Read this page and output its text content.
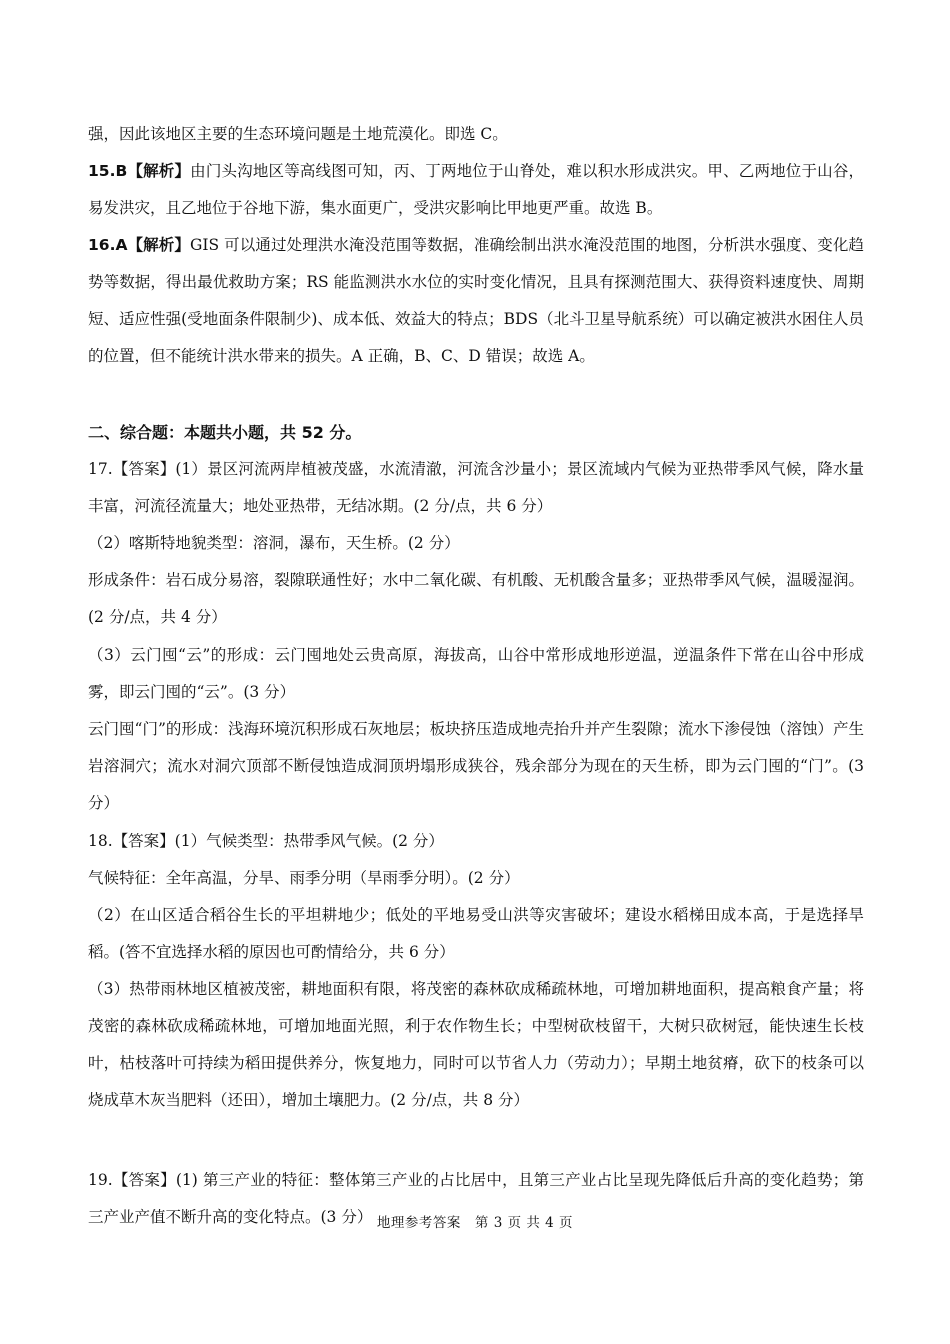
强，因此该地区主要的生态环境问题是土地荒漠化。即选 C。

15.B【解析】由门头沟地区等高线图可知，丙、丁两地位于山脊处，难以积水形成洪灾。甲、乙两地位于山谷，易发洪灾，且乙地位于谷地下游，集水面更广，受洪灾影响比甲地更严重。故选 B。

16.A【解析】GIS 可以通过处理洪水淹没范围等数据，准确绘制出洪水淹没范围的地图，分析洪水强度、变化趋势等数据，得出最优救助方案；RS 能监测洪水水位的实时变化情况，且具有探测范围大、获得资料速度快、周期短、适应性强(受地面条件限制少)、成本低、效益大的特点；BDS（北斗卫星导航系统）可以确定被洪水困住人员的位置，但不能统计洪水带来的损失。A 正确，B、C、D 错误；故选 A。

二、综合题：本题共小题，共 52 分。

17.【答案】(1）景区河流两岸植被茂盛，水流清澈，河流含沙量小；景区流域内气候为亚热带季风气候，降水量丰富，河流径流量大；地处亚热带，无结冰期。(2 分/点，共 6 分）

（2）喀斯特地貌类型：溶洞，瀑布，天生桥。(2 分）

形成条件：岩石成分易溶，裂隙联通性好；水中二氧化碳、有机酸、无机酸含量多；亚热带季风气候，温暖湿润。(2 分/点，共 4 分）

（3）云门囤“云”的形成：云门囤地处云贵高原，海拔高，山谷中常形成地形逆温，逆温条件下常在山谷中形成雾，即云门囤的“云”。(3 分）

云门囤“门”的形成：浅海环境沉积形成石灰地层；板块挤压造成地壳抬升并产生裂隙；流水下渗侵蚀（溶蚀）产生岩溶洞穴；流水对洞穴顶部不断侵蚀造成洞顶坍塌形成狭谷，残余部分为现在的天生桥，即为云门囤的“门”。(3 分）

18.【答案】(1）气候类型：热带季风气候。(2 分）

气候特征：全年高温，分旱、雨季分明（旱雨季分明）。(2 分）

（2）在山区适合稻谷生长的平坦耕地少；低处的平地易受山洪等灾害破坏；建设水稻梯田成本高，于是选择旱稻。(答不宜选择水稻的原因也可酌情给分，共 6 分）

（3）热带雨林地区植被茂密，耕地面积有限，将茂密的森林砍成稀疏林地，可增加耕地面积，提高粮食产量；将茂密的森林砍成稀疏林地，可增加地面光照，利于农作物生长；中型树砍枝留干，大树只砍树冠，能快速生长枝叶，枯枝落叶可持续为稻田提供养分，恢复地力，同时可以节省人力（劳动力）；早期土地贫瘠，砍下的枝条可以烧成草木灰当肥料（还田），增加土壤肥力。(2 分/点，共 8 分）

19.【答案】(1) 第三产业的特征：整体第三产业的占比居中，且第三产业占比呈现先降低后升高的变化趋势；第三产业产值不断升高的变化特点。(3 分） 地理参考答案　第 3 页 共 4 页
